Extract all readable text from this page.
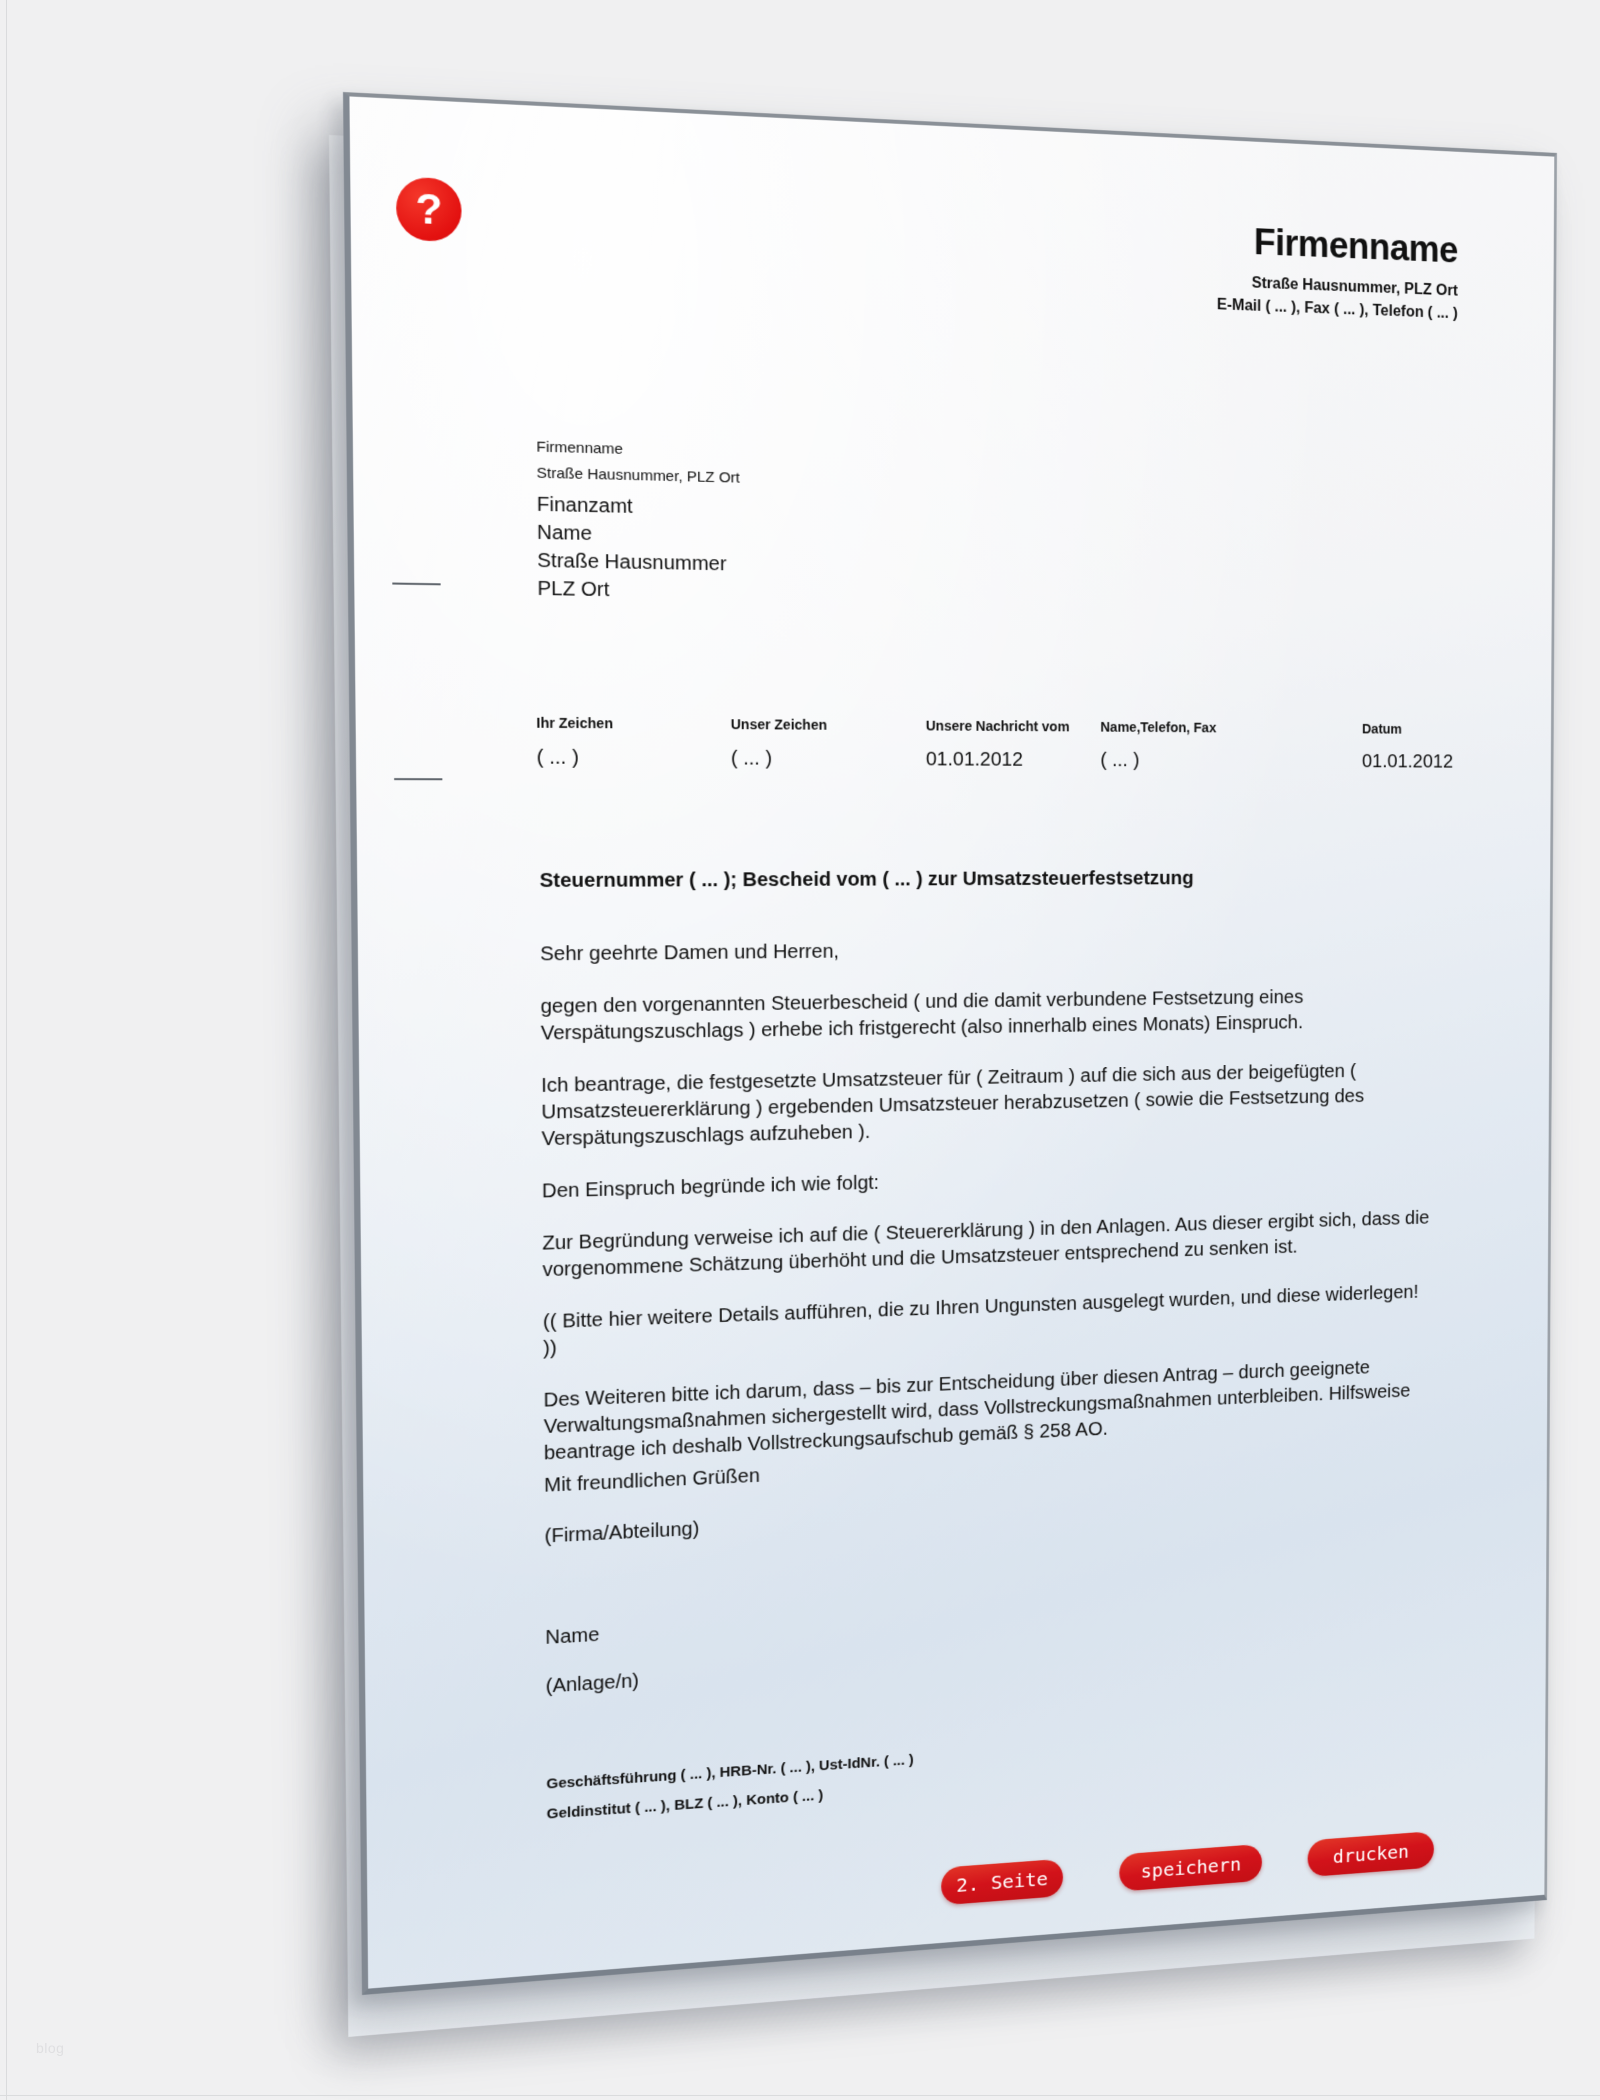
blog
?
Firmenname
Straße Hausnummer, PLZ Ort
E-Mail ( ... ), Fax ( ... ), Telefon ( ... )
Firmenname
Straße Hausnummer, PLZ Ort
Finanzamt
Name
Straße Hausnummer
PLZ Ort
Ihr Zeichen
( ... )
Unser Zeichen
( ... )
Unsere Nachricht vom
01.01.2012
Name,Telefon, Fax
( ... )
Datum
01.01.2012
Steuernummer ( ... ); Bescheid vom ( ... ) zur Umsatzsteuerfestsetzung

Sehr geehrte Damen und Herren,

gegen den vorgenannten Steuerbescheid ( und die damit verbundene Festsetzung eines Verspätungszuschlags ) erhebe ich fristgerecht (also innerhalb eines Monats) Einspruch.

Ich beantrage, die festgesetzte Umsatzsteuer für ( Zeitraum ) auf die sich aus der beigefügten ( Umsatzsteuererklärung ) ergebenden Umsatzsteuer herabzusetzen ( sowie die Festsetzung des Verspätungszuschlags aufzuheben ).

Den Einspruch begründe ich wie folgt:

Zur Begründung verweise ich auf die ( Steuererklärung ) in den Anlagen. Aus dieser ergibt sich, dass die vorgenommene Schätzung überhöht und die Umsatzsteuer entsprechend zu senken ist.

(( Bitte hier weitere Details aufführen, die zu Ihren Ungunsten ausgelegt wurden, und diese widerlegen! ))

Des Weiteren bitte ich darum, dass – bis zur Entscheidung über diesen Antrag – durch geeignete Verwaltungsmaßnahmen sichergestellt wird, dass Vollstreckungsmaßnahmen unterbleiben. Hilfsweise beantrage ich deshalb Vollstreckungsaufschub gemäß § 258 AO.

Mit freundlichen Grüßen
(Firma/Abteilung)
Name
(Anlage/n)
Geschäftsführung ( ... ), HRB-Nr. ( ... ), Ust-IdNr. ( ... )
Geldinstitut ( ... ), BLZ ( ... ), Konto ( ... )
2. Seite	speichern	drucken
